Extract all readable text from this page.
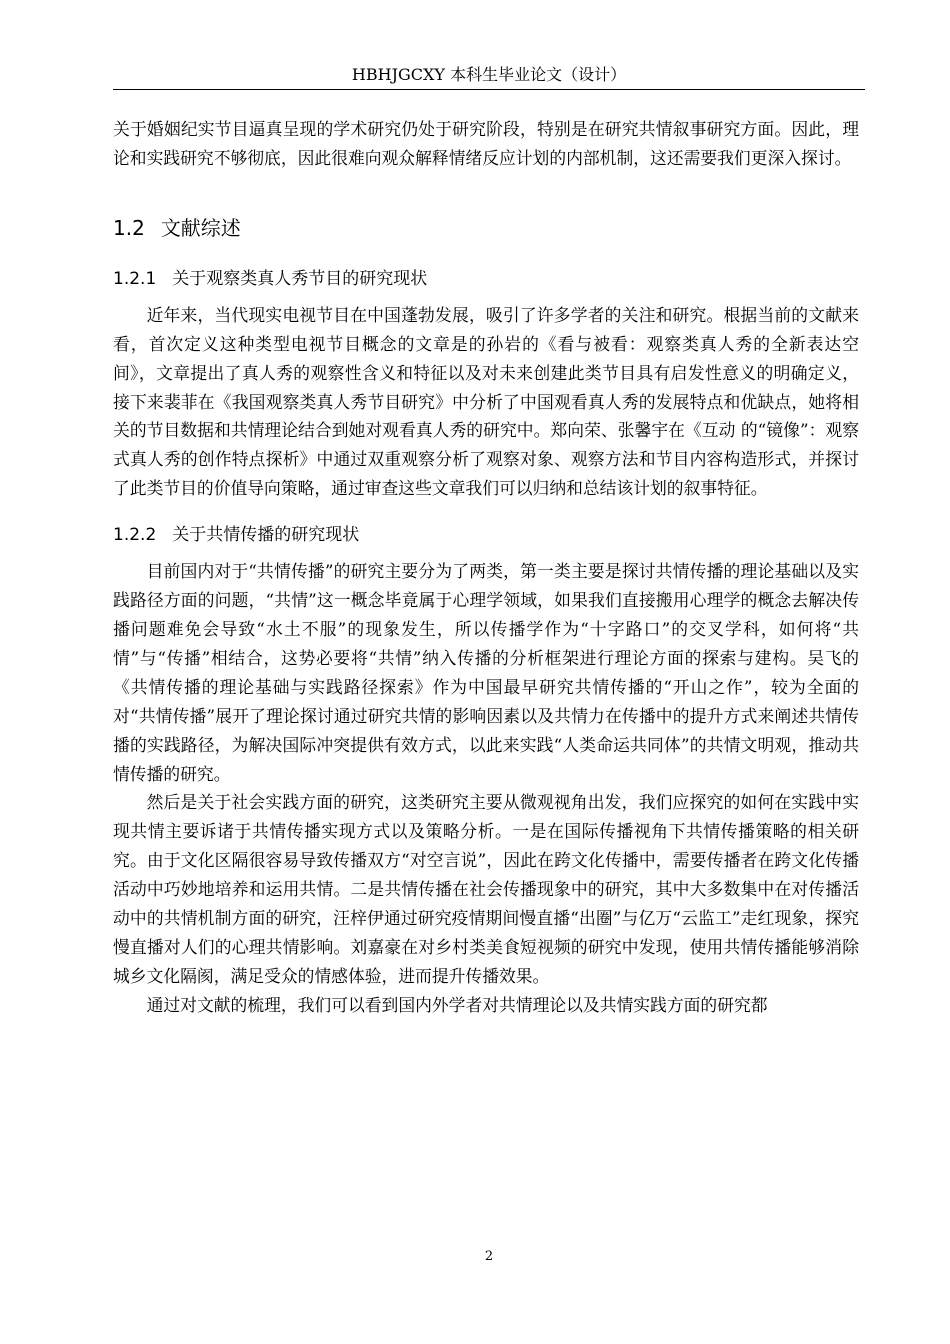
HBHJGCXY 本科生毕业论文（设计）

关于婚姻纪实节目逼真呈现的学术研究仍处于研究阶段，特别是在研究共情叙事研究方面。因此，理论和实践研究不够彻底，因此很难向观众解释情绪反应计划的内部机制，这还需要我们更深入探讨。

1.2 文献综述
1.2.1 关于观察类真人秀节目的研究现状

近年来，当代现实电视节目在中国蓬勃发展，吸引了许多学者的关注和研究。根据当前的文献来看，首次定义这种类型电视节目概念的文章是的孙岩的《看与被看：观察类真人秀的全新表达空间》，文章提出了真人秀的观察性含义和特征以及对未来创建此类节目具有启发性意义的明确定义，接下来裴菲在《我国观察类真人秀节目研究》中分析了中国观看真人秀的发展特点和优缺点，她将相关的节目数据和共情理论结合到她对观看真人秀的研究中。郑向荣、张馨宇在《互动 的“镜像”：观察式真人秀的创作特点探析》中通过双重观察分析了观察对象、观察方法和节目内容构造形式，并探讨了此类节目的价值导向策略，通过审查这些文章我们可以归纳和总结该计划的叙事特征。

1.2.2 关于共情传播的研究现状

目前国内对于“共情传播”的研究主要分为了两类，第一类主要是探讨共情传播的理论基础以及实践路径方面的问题，“共情”这一概念毕竟属于心理学领域，如果我们直接搬用心理学的概念去解决传播问题难免会导致“水土不服”的现象发生，所以传播学作为“十字路口”的交叉学科，如何将“共情”与“传播”相结合，这势必要将“共情”纳入传播的分析框架进行理论方面的探索与建构。吴飞的《共情传播的理论基础与实践路径探索》作为中国最早研究共情传播的“开山之作”，较为全面的对“共情传播”展开了理论探讨通过研究共情的影响因素以及共情力在传播中的提升方式来阐述共情传播的实践路径，为解决国际冲突提供有效方式，以此来实践“人类命运共同体”的共情文明观，推动共情传播的研究。

然后是关于社会实践方面的研究，这类研究主要从微观视角出发，我们应探究的如何在实践中实现共情主要诉诸于共情传播实现方式以及策略分析。一是在国际传播视角下共情传播策略的相关研究。由于文化区隔很容易导致传播双方“对空言说”，因此在跨文化传播中，需要传播者在跨文化传播活动中巧妙地培养和运用共情。二是共情传播在社会传播现象中的研究，其中大多数集中在对传播活动中的共情机制方面的研究，汪梓伊通过研究疫情期间慢直播“出圈”与亿万“云监工”走红现象，探究慢直播对人们的心理共情影响。刘嘉豪在对乡村类美食短视频的研究中发现，使用共情传播能够消除城乡文化隔阂，满足受众的情感体验，进而提升传播效果。

通过对文献的梳理，我们可以看到国内外学者对共情理论以及共情实践方面的研究都

2
